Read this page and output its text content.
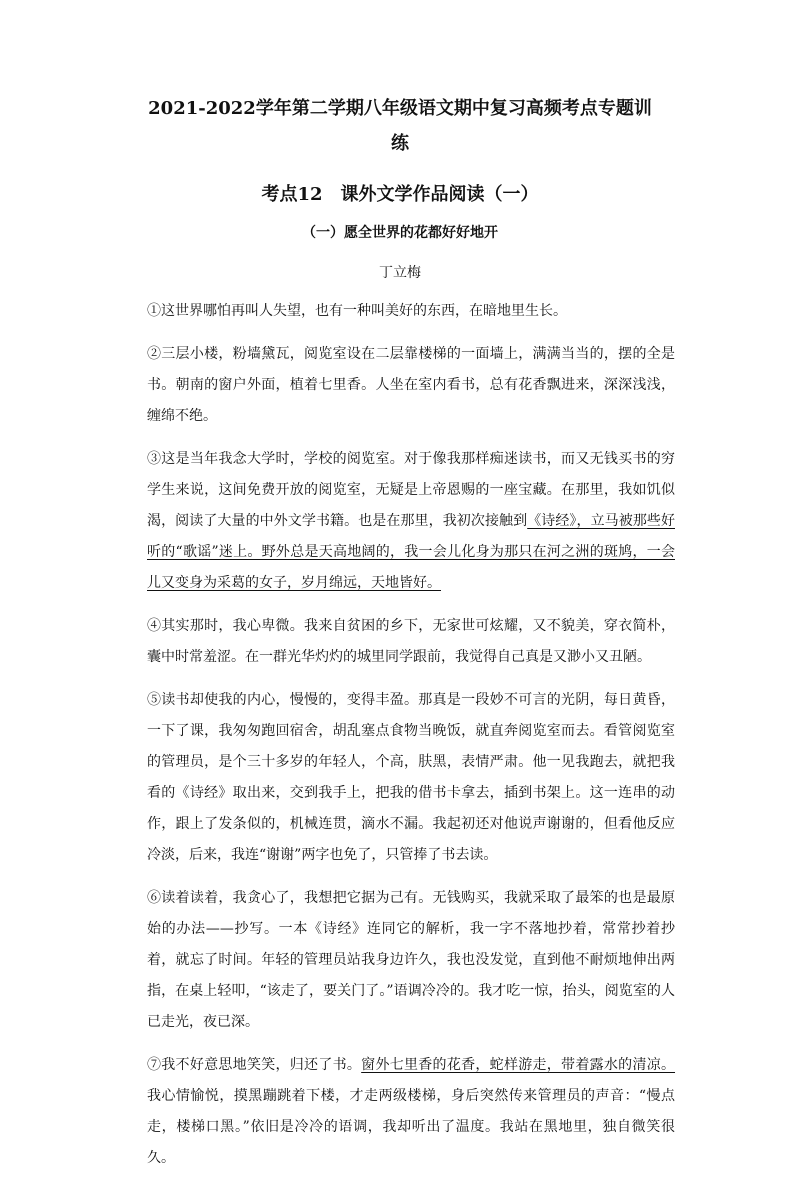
2021-2022学年第二学期八年级语文期中复习高频考点专题训
练
考点12　课外文学作品阅读（一）
（一）愿全世界的花都好好地开
丁立梅

①这世界哪怕再叫人失望，也有一种叫美好的东西，在暗地里生长。

②三层小楼，粉墙黛瓦，阅览室设在二层靠楼梯的一面墙上，满满当当的，摆的全是书。朝南的窗户外面，植着七里香。人坐在室内看书，总有花香飘进来，深深浅浅，缠绵不绝。

③这是当年我念大学时，学校的阅览室。对于像我那样痴迷读书，而又无钱买书的穷学生来说，这间免费开放的阅览室，无疑是上帝恩赐的一座宝藏。在那里，我如饥似渴，阅读了大量的中外文学书籍。也是在那里，我初次接触到《诗经》，立马被那些好听的“歌谣”迷上。野外总是天高地阔的，我一会儿化身为那只在河之洲的斑鸠，一会儿又变身为采葛的女子，岁月绵远，天地皆好。

④其实那时，我心卑微。我来自贫困的乡下，无家世可炫耀，又不貌美，穿衣简朴，囊中时常羞涩。在一群光华灼灼的城里同学跟前，我觉得自己真是又渺小又丑陋。

⑤读书却使我的内心，慢慢的，变得丰盈。那真是一段妙不可言的光阴，每日黄昏，一下了课，我匆匆跑回宿舍，胡乱塞点食物当晚饭，就直奔阅览室而去。看管阅览室的管理员，是个三十多岁的年轻人，个高，肤黑，表情严肃。他一见我跑去，就把我看的《诗经》取出来，交到我手上，把我的借书卡拿去，插到书架上。这一连串的动作，跟上了发条似的，机械连贯，滴水不漏。我起初还对他说声谢谢的，但看他反应冷淡，后来，我连“谢谢”两字也免了，只管捧了书去读。

⑥读着读着，我贪心了，我想把它据为己有。无钱购买，我就采取了最笨的也是最原始的办法——抄写。一本《诗经》连同它的解析，我一字不落地抄着，常常抄着抄着，就忘了时间。年轻的管理员站我身边许久，我也没发觉，直到他不耐烦地伸出两指，在桌上轻叩，“该走了，要关门了。”语调冷冷的。我才吃一惊，抬头，阅览室的人已走光，夜已深。

⑦我不好意思地笑笑，归还了书。窗外七里香的花香，蛇样游走，带着露水的清凉。我心情愉悦，摸黑蹦跳着下楼，才走两级楼梯，身后突然传来管理员的声音：“慢点走，楼梯口黑。”依旧是冷冷的语调，我却听出了温度。我站在黑地里，独自微笑很久。
